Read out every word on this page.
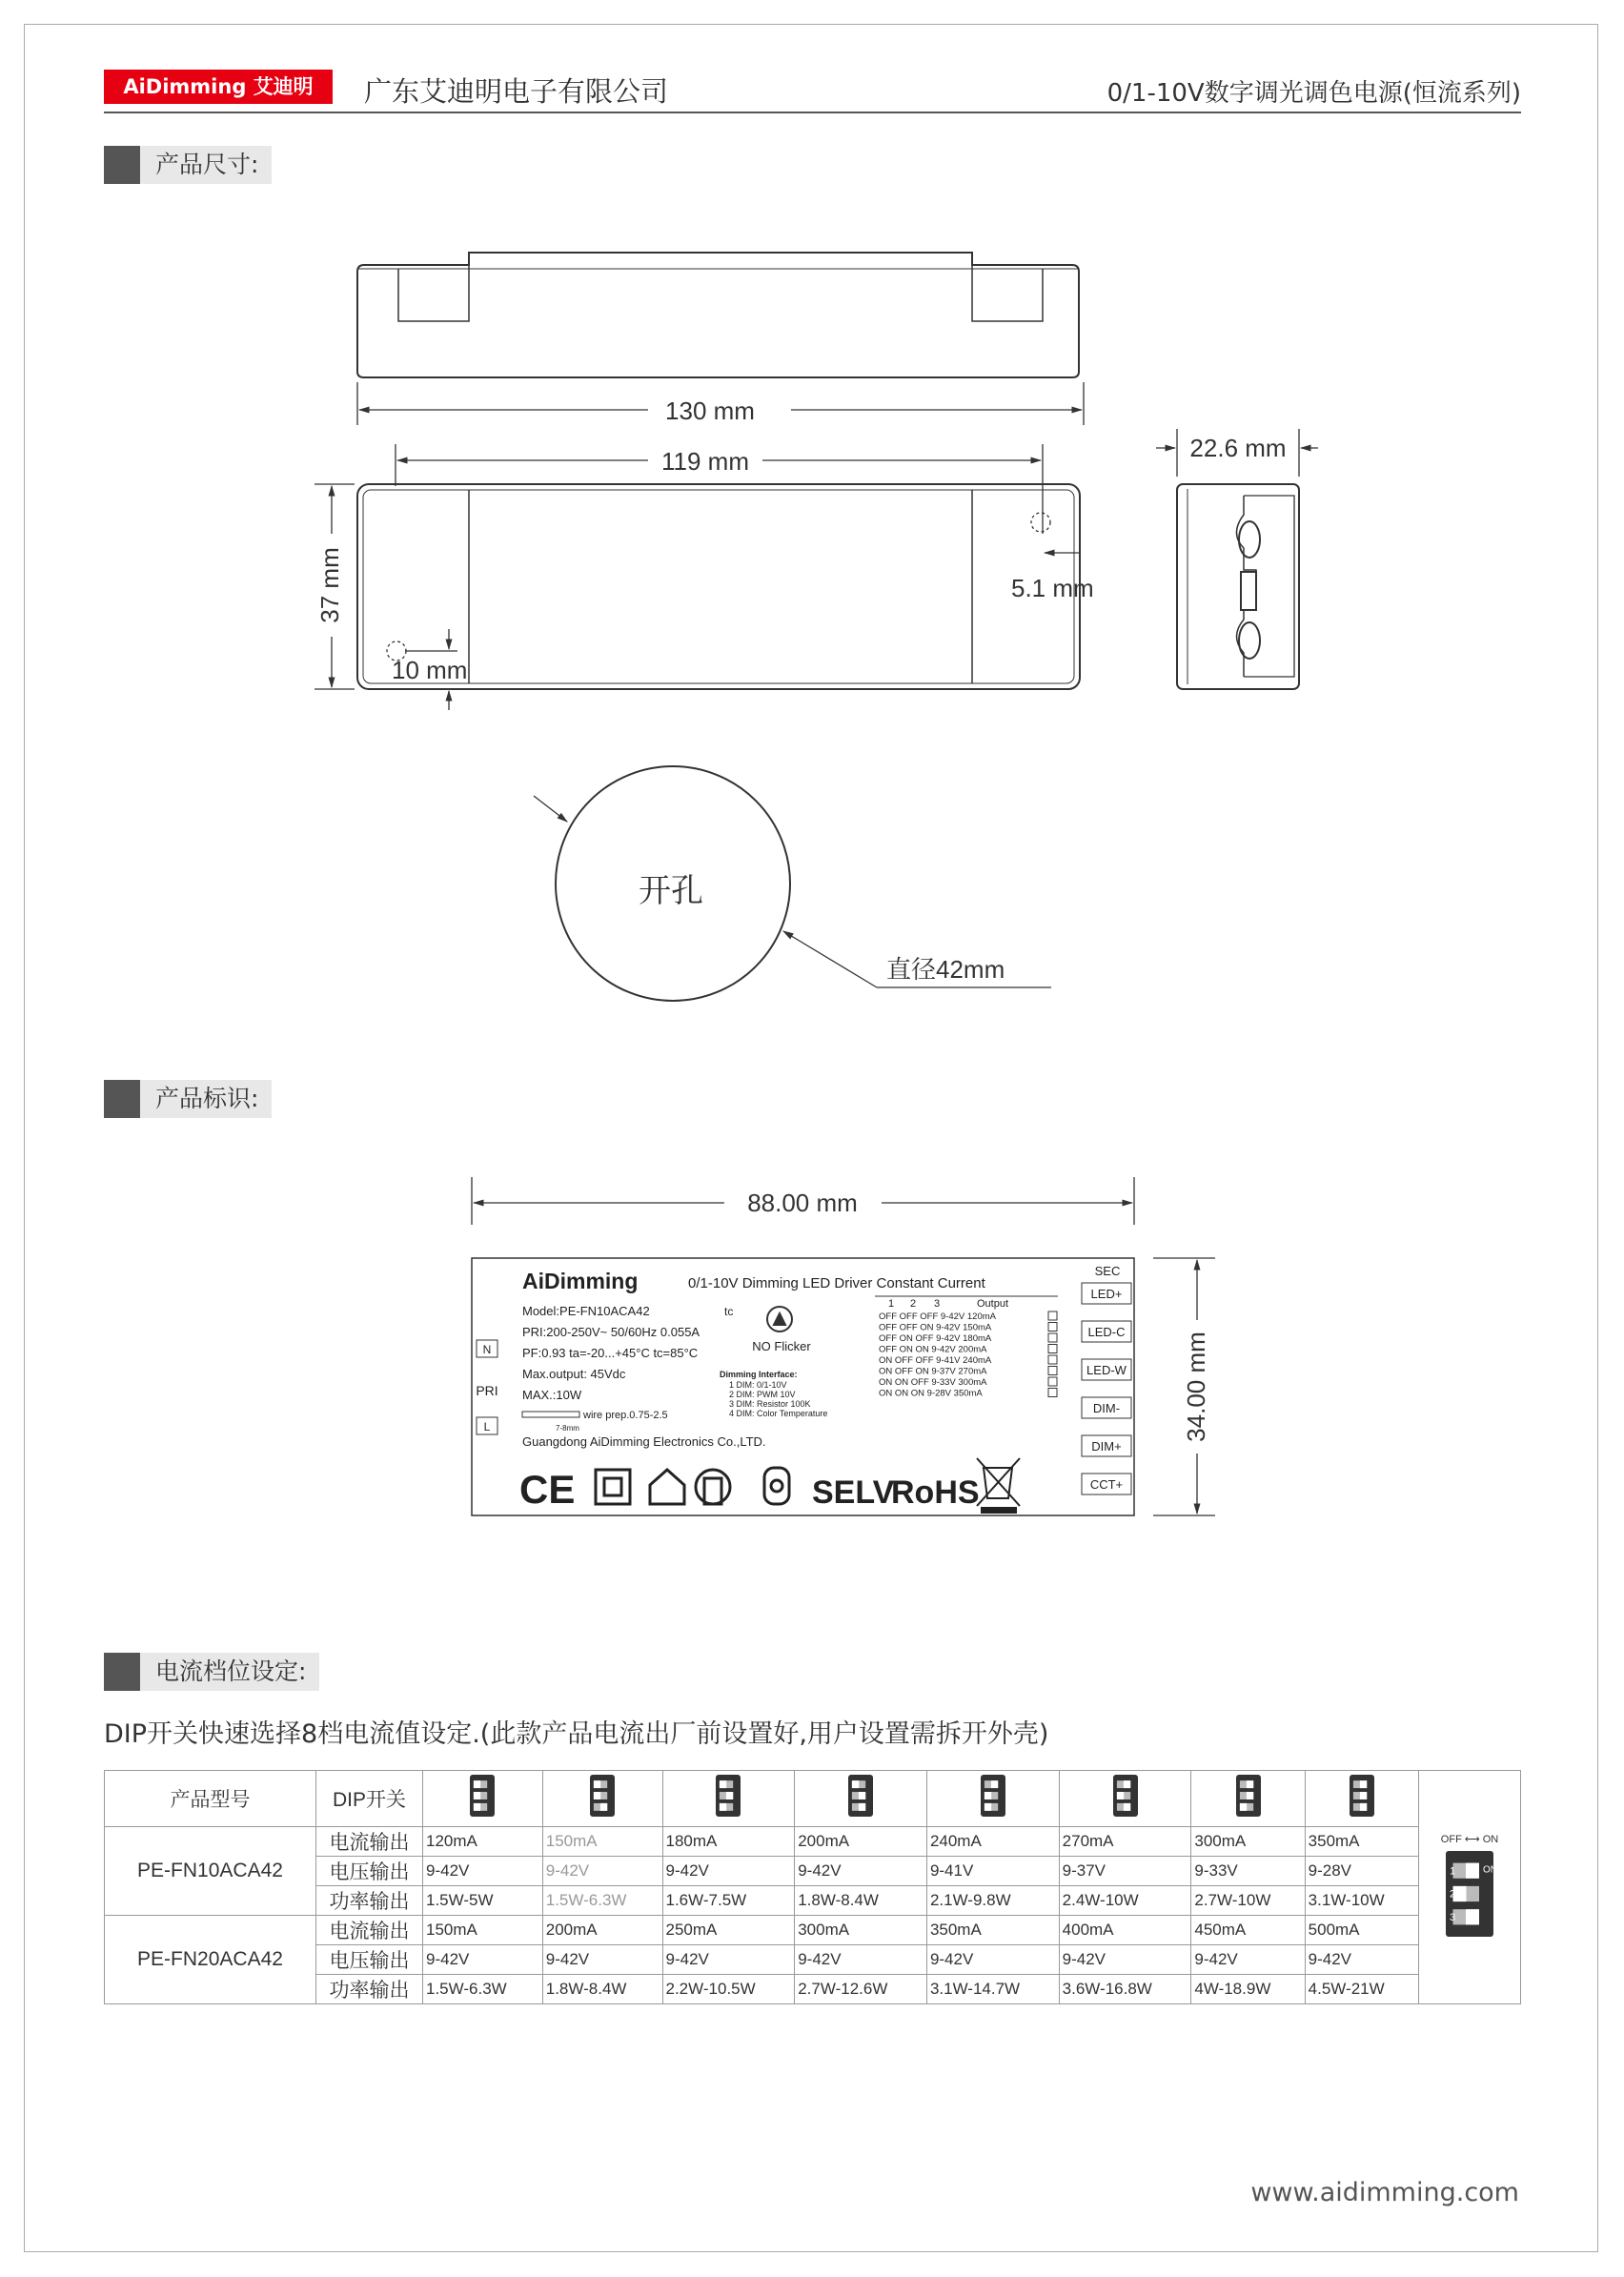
AiDimming 艾迪明	广东艾迪明电子有限公司	0/1-10V数字调光调色电源(恒流系列)
产品尺寸:
130 mm
119 mm
37 mm
10 mm
5.1 mm
22.6 mm
开孔
直径42mm
产品标识:
88.00 mm
34.00 mm
AiDimming	0/1-10V Dimming LED Driver Constant Current
Model:PE-FN10ACA42	tc
PRI:200-250V~ 50/60Hz 0.055A
PF:0.93 ta=-20...+45°C tc=85°C
Max.output: 45Vdc
MAX.:10W
wire prep.0.75-2.5
7-8mm
Guangdong AiDimming Electronics Co.,LTD.
N
PRI
L
NO Flicker
Dimming Interface:
1 DIM: 0/1-10V
2 DIM: PWM 10V
3 DIM: Resistor 100K
4 DIM: Color Temperature
1 2 3	Output
OFF OFF OFF 9-42V 120mA
OFF OFF ON 9-42V 150mA
OFF ON OFF 9-42V 180mA
OFF ON ON 9-42V 200mA
ON OFF OFF 9-41V 240mA
ON OFF ON 9-37V 270mA
ON ON OFF 9-33V 300mA
ON ON ON 9-28V 350mA
SEC
LED+
LED-C
LED-W
DIM-
DIM+
CCT+
CE	SELV
RoHS
电流档位设定:
DIP开关快速选择8档电流值设定.(此款产品电流出厂前设置好,用户设置需拆开外壳)
产品型号	DIP开关									OFF ⟷ ON
1
2
3
ON

PE-FN10ACA42	电流输出	120mA	150mA	180mA	200mA	240mA	270mA	300mA	350mA	
	电压输出	9-42V	9-42V	9-42V	9-42V	9-41V	9-37V	9-33V	9-28V	
	功率输出	1.5W-5W	1.5W-6.3W	1.6W-7.5W	1.8W-8.4W	2.1W-9.8W	2.4W-10W	2.7W-10W	3.1W-10W	
PE-FN20ACA42	电流输出	150mA	200mA	250mA	300mA	350mA	400mA	450mA	500mA	
	电压输出	9-42V	9-42V	9-42V	9-42V	9-42V	9-42V	9-42V	9-42V	
	功率输出	1.5W-6.3W	1.8W-8.4W	2.2W-10.5W	2.7W-12.6W	3.1W-14.7W	3.6W-16.8W	4W-18.9W	4.5W-21W	
www.aidimming.com
